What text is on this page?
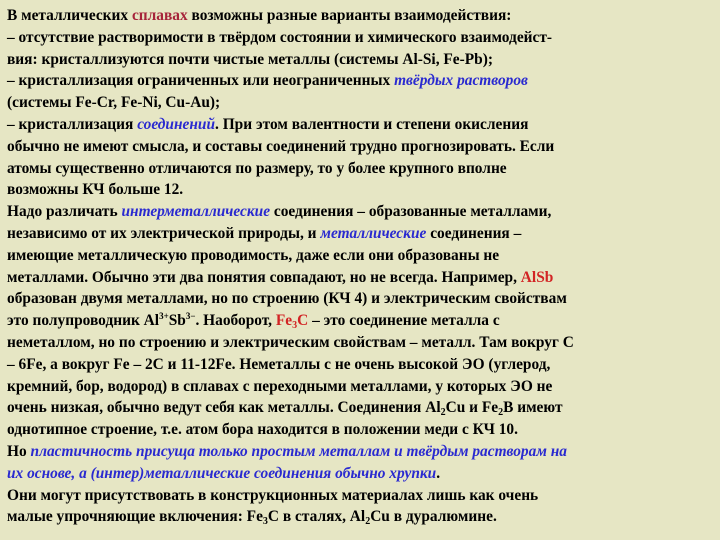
В металлических сплавах возможны разные варианты взаимодействия:
– отсутствие растворимости в твёрдом состоянии и химического взаимодейст-
вия: кристаллизуются почти чистые металлы (системы Al-Si, Fe-Pb);
– кристаллизация ограниченных или неограниченных твёрдых растворов
(системы Fe-Cr, Fe-Ni, Cu-Au);
– кристаллизация соединений. При этом валентности и степени окисления
обычно не имеют смысла, и составы соединений трудно прогнозировать. Если
атомы существенно отличаются по размеру, то у более крупного вполне
возможны КЧ больше 12.
Надо различать интерметаллические соединения – образованные металлами,
независимо от их электрической природы, и металлические соединения –
имеющие металлическую проводимость, даже если они образованы не
металлами. Обычно эти два понятия совпадают, но не всегда. Например, AlSb
образован двумя металлами, но по строению (КЧ 4) и электрическим свойствам
это полупроводник $Al^{3+}Sb^{3-}$. Наоборот, $Fe_3C$ – это соединение металла с
неметаллом, но по строению и электрическим свойствам – металл. Там вокруг С
– 6Fe, а вокруг Fe – 2C и 11-12Fe. Неметаллы с не очень высокой ЭО (углерод,
кремний, бор, водород) в сплавах с переходными металлами, у которых ЭО не
очень низкая, обычно ведут себя как металлы. Соединения $Al_2Cu$ и $Fe_2B$ имеют
однотипное строение, т.е. атом бора находится в положении меди с КЧ 10.
Но пластичность присуща только простым металлам и твёрдым растворам на
их основе, а (интер)металлические соединения обычно хрупки.
Они могут присутствовать в конструкционных материалах лишь как очень
малые упрочняющие включения: $Fe_3C$ в сталях, $Al_2Cu$ в дуралюмине.
